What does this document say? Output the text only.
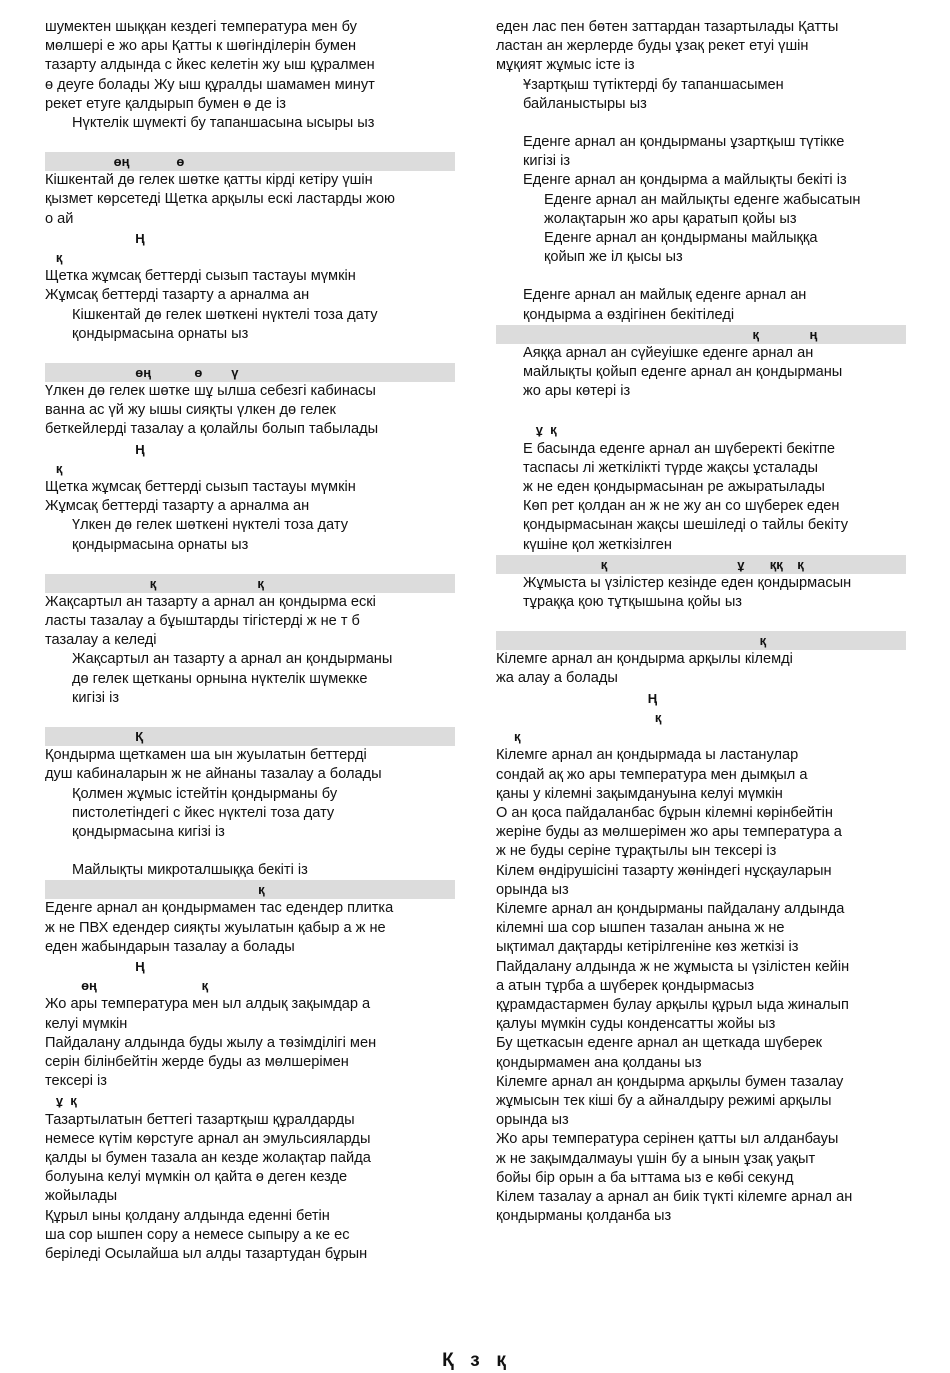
шумектен шыққан кездегі температура мен бу
мөлшері е жо ары Қатты к шөгінділерін бумен
тазарту алдында с йкес келетін жу ыш құралмен
ө деуге болады Жу ыш құралды шамамен минут
рекет етуге қалдырып бумен ө де із
Нүктелік шүмекті бу тапаншасына ысыры ыз
өң             ө
Кішкентай дө гелек шөтке қатты кірді кетіру үшін
қызмет көрсетеді Щетка арқылы ескі ластарды жою
о ай
Ң
қ
Щетка жұмсақ беттерді сызып тастауы мүмкін
Жұмсақ беттерді тазарту а арналма ан
Кішкентай дө гелек шөткені нүктелі тоза дату
қондырмасына орнаты ыз
өң            ө        ү
Үлкен дө гелек шөтке шұ ылша себезгі кабинасы
ванна ас үй жу ышы сияқты үлкен дө гелек
беткейлерді тазалау а қолайлы болып табылады
Ң
қ
Щетка жұмсақ беттерді сызып тастауы мүмкін
Жұмсақ беттерді тазарту а арналма ан
Үлкен дө гелек шөткені нүктелі тоза дату
қондырмасына орнаты ыз
қ                            қ
Жақсартыл ан тазарту а арнал ан қондырма ескі
ласты тазалау а бұыштарды тігістерді ж не т б
тазалау а келеді
Жақсартыл ан тазарту а арнал ан қондырманы
дө гелек щетканы орнына нүктелік шүмекке
кигізі із
Қ
Қондырма щеткамен ша ын жуылатын беттерді
душ кабиналарын ж не айнаны тазалау а болады
Қолмен жұмыс істейтін қондырманы бу
пистолетіндегі с йкес нүктелі тоза дату
қондырмасына кигізі із
Майлықты микроталшыққа бекіті із
қ
Еденге арнал ан қондырмамен тас едендер плитка
ж не ПВХ едендер сияқты жуылатын қабыр а ж не
еден жабындарын тазалау а болады
Ң
өң                             қ
Жо ары температура мен ыл алдық зақымдар а
келуі мүмкін
Пайдалану алдында буды жылу а төзімділігі мен
серін білінбейтін жерде буды аз мөлшерімен
тексері із
ұ  қ
Тазартылатын беттегі тазартқыш құралдарды
немесе күтім көрстуге арнал ан эмульсияларды
қалды ы бумен тазала ан кезде жолақтар пайда
болуына келуі мүмкін ол қайта ө деген кезде
жойылады
Құрыл ыны қолдану алдында еденні бетін
ша сор ышпен сору а немесе сыпыру а ке ес
беріледі Осылайша ыл алды тазартудан бұрын
еден лас пен бөтен заттардан тазартылады Қатты
ластан ан жерлерде буды ұзақ рекет етуі үшін
мұқият жұмыс істе із
Ұзартқыш түтіктерді бу тапаншасымен
байланыстыры ыз
Еденге арнал ан қондырманы ұзартқыш түтікке
кигізі із
Еденге арнал ан қондырма а майлықты бекіті із
Еденге арнал ан майлықты еденге жабысатын
жолақтарын жо ары қаратып қойы ыз
Еденге арнал ан қондырманы майлыққа
қойып же іл қысы ыз
Еденге арнал ан майлық еденге арнал ан
қондырма а өздігінен бекітіледі
қ              ң
Аяққа арнал ан сүйеуішке еденге арнал ан
майлықты қойып еденге арнал ан қондырманы
жо ары көтері із
ұ  қ
Е басында еденге арнал ан шүберекті бекітпе
таспасы лі жеткілікті түрде жақсы ұсталады
ж не еден қондырмасынан ре ажыратылады
Көп рет қолдан ан ж не жу ан со шүберек еден
қондырмасынан жақсы шешіледі о тайлы бекіту
күшіне қол жеткізілген
қ                                    ұ       ққ    қ
Жұмыста ы үзілістер кезінде еден қондырмасын
тұраққа қою тұтқышына қойы ыз
қ
Кілемге арнал ан қондырма арқылы кілемді
жа алау а болады
Ң
қ
қ
Кілемге арнал ан қондырмада ы ластанулар
сондай ақ жо ары температура мен дымқыл а
қаны у кілемні зақымдануына келуі мүмкін
О ан қоса пайдаланбас бұрын кілемні көрінбейтін
жеріне буды аз мөлшерімен жо ары температура а
ж не буды серіне тұрақтылы ын тексері із
Кілем өндірушісіні тазарту жөніндегі нұсқауларын
орында ыз
Кілемге арнал ан қондырманы пайдалану алдында
кілемні ша сор ышпен тазалан анына ж не
ықтимал дақтарды кетірілгеніне көз жеткізі із
Пайдалану алдында ж не жұмыста ы үзілістен кейін
а атын тұрба а шүберек қондырмасыз
құрамдастармен булау арқылы құрыл ыда жиналып
қалуы мүмкін суды конденсатты жойы ыз
Бу щеткасын еденге арнал ан щеткада шүберек
қондырмамен ана қолданы ыз
Кілемге арнал ан қондырма арқылы бумен тазалау
жұмысын тек кіші бу а айналдыру режимі арқылы
орында ыз
Жо ары температура серінен қатты ыл алданбауы
ж не зақымдалмауы үшін бу а ынын ұзақ уақыт
бойы бір орын а ба ыттама ыз е көбі секунд
Кілем тазалау а арнал ан биік түкті кілемге арнал ан
қондырманы қолданба ыз
Қ  з  қ
